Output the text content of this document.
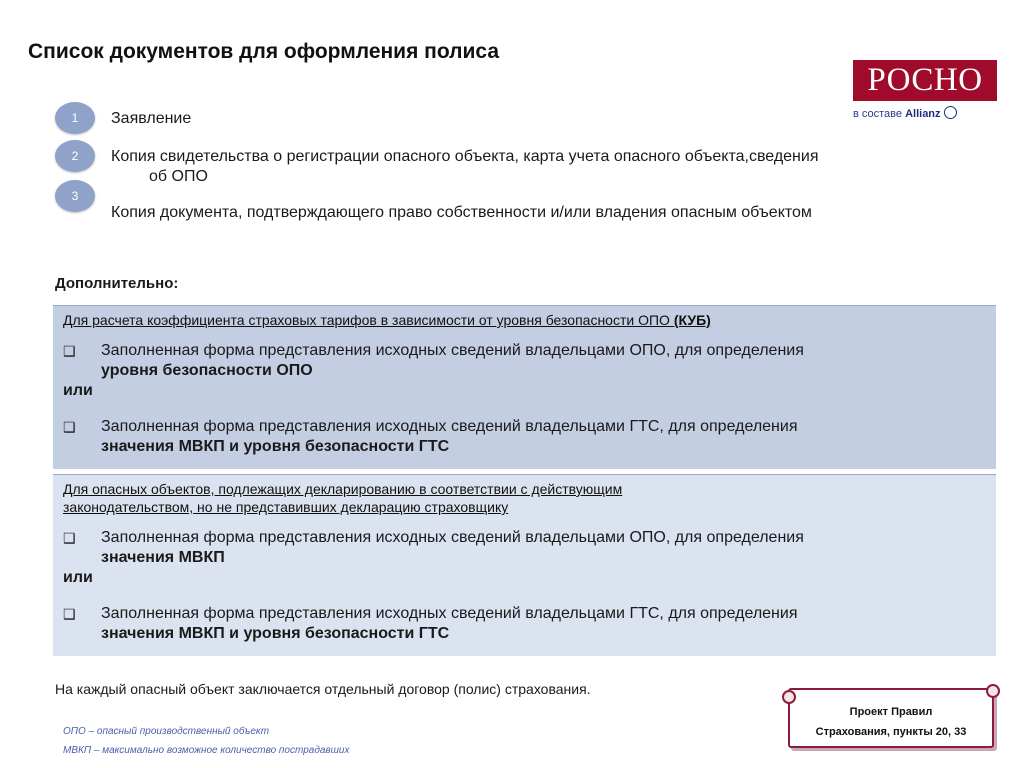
Список документов для оформления полиса
РОСНО
в составе Allianz
1
2
3
Заявление
Копия свидетельства о регистрации опасного объекта, карта учета опасного объекта,сведения
об ОПО
Копия документа, подтверждающего право собственности и/или владения опасным объектом
Дополнительно:
Для расчета коэффициента страховых тарифов в зависимости от уровня безопасности ОПО (КУБ)
❑	Заполненная форма представления исходных сведений владельцами ОПО, для определения
уровня безопасности ОПО
или
❑	Заполненная форма представления исходных сведений владельцами ГТС, для определения
значения МВКП и уровня безопасности ГТС
Для опасных объектов, подлежащих декларированию в соответствии с действующим
законодательством, но не представивших декларацию страховщику
❑	Заполненная форма представления исходных сведений владельцами ОПО, для определения
значения МВКП
или
❑	Заполненная форма представления исходных сведений владельцами ГТС, для определения
значения МВКП и уровня безопасности ГТС
На каждый опасный объект заключается отдельный договор (полис) страхования.
ОПО – опасный производственный объект
МВКП – максимально возможное количество пострадавших
Проект Правил
Страхования, пункты 20, 33
